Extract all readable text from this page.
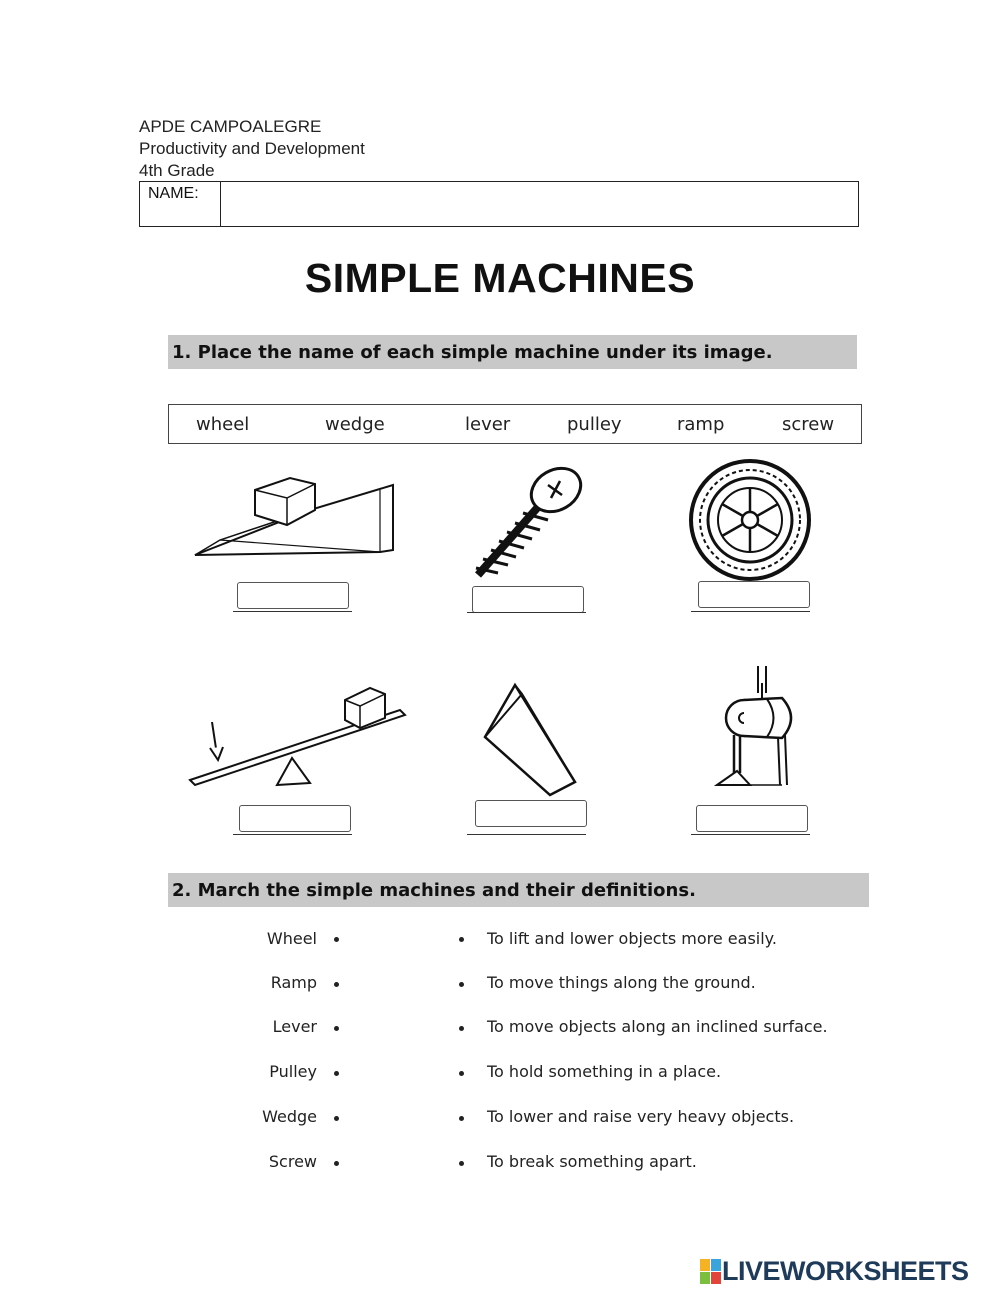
APDE CAMPOALEGRE
Productivity and Development
4th Grade
NAME:
SIMPLE MACHINES
1. Place the name of each simple machine under its image.
wheel	wedge	lever	pulley	ramp	screw
2. March the simple machines and their definitions.
Wheel	To lift and lower objects more easily.
Ramp	To move things along the ground.
Lever	To move objects along an inclined surface.
Pulley	To hold something in a place.
Wedge	To lower and raise very heavy objects.
Screw	To break something apart.
LIVEWORKSHEETS
